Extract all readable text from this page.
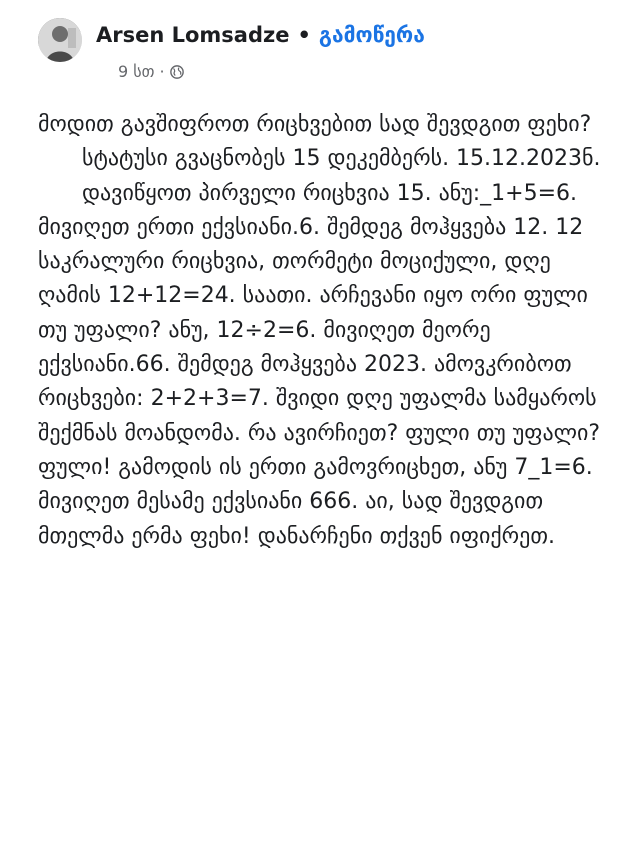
Arsen Lomsadze • გამოწერა
9 სთ ·

მოდით გავშიფროთ რიცხვებით სად შევდგით ფეხი?

სტატუსი გვაცნობეს 15 დეკემბერს. 15.12.2023ნ.

დავიწყოთ პირველი რიცხვია 15. ანუ:_1+5=6. მივიღეთ ერთი ექვსიანი.6. შემდეგ მოჰყვება 12. 12 საკრალური რიცხვია, თორმეტი მოციქული, დღე ღამის 12+12=24. საათი. არჩევანი იყო ორი ფული თუ უფალი? ანუ, 12÷2=6. მივიღეთ მეორე ექვსიანი.66. შემდეგ მოჰყვება 2023. ამოვკრიბოთ რიცხვები: 2+2+3=7. შვიდი დღე უფალმა სამყაროს შექმნას მოანდომა. რა ავირჩიეთ? ფული თუ უფალი? ფული! გამოდის ის ერთი გამოვრიცხეთ, ანუ 7_1=6. მივიღეთ მესამე ექვსიანი 666. აი, სად შევდგით მთელმა ერმა ფეხი! დანარჩენი თქვენ იფიქრეთ.
